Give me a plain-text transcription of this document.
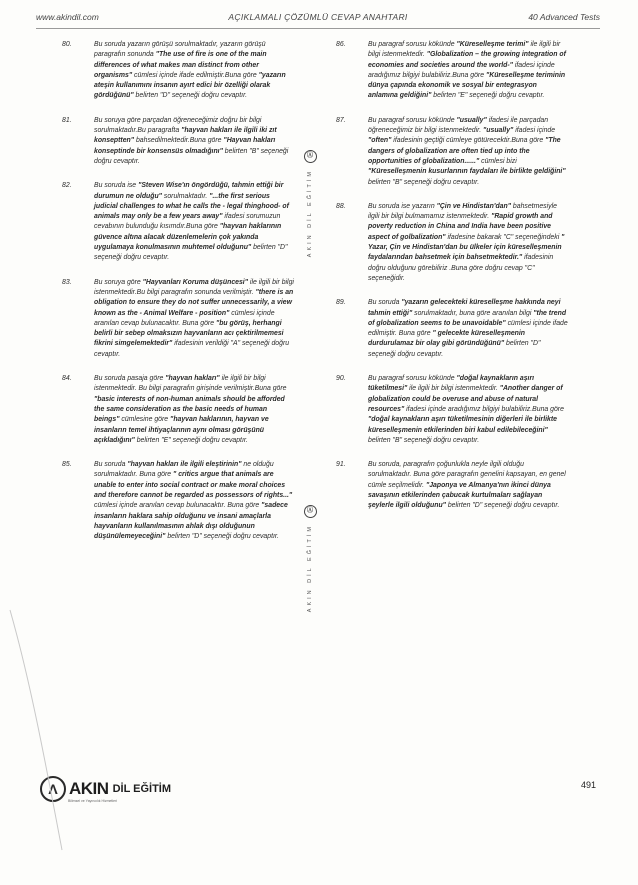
www.akindil.com	AÇIKLAMALI ÇÖZÜMLÜ CEVAP ANAHTARI	40 Advanced Tests
80.	Bu soruda yazarın görüşü sorulmaktadır, yazarın görüşü paragrafın sonunda "The use of fire is one of the main differences of what makes man distinct from other organisms" cümlesi içinde ifade edilmiştir.Buna göre "yazarın ateşin kullanımını insanın ayırt edici bir özelliği olarak gördüğünü" belirten "D" seçeneği doğru cevaptır.
81.	Bu soruya göre parçadan öğreneceğimiz doğru bir bilgi sorulmaktadır.Bu paragrafta "hayvan hakları ile ilgili iki zıt konseptten" bahsedilmektedir.Buna göre "Hayvan hakları konseptinde bir konsensüs olmadığını" belirten "B" seçeneği doğru cevaptır.
82.	Bu soruda ise "Steven Wise'ın öngördüğü, tahmin ettiği bir durumun ne olduğu" sorulmaktadır. "...the first serious judicial challenges to what he calls the - legal thinghood- of animals may only be a few years away" ifadesi sorumuzun cevabının bulunduğu kısımdır.Buna göre "hayvan haklarının güvence altına alacak düzenlemelerin çok yakında uygulamaya konulmasının muhtemel olduğunu" belirten "D" seçeneği doğru cevaptır.
83.	Bu soruya göre "Hayvanları Koruma düşüncesi" ile ilgili bir bilgi istenmektedir.Bu bilgi paragrafın sonunda verilmiştir. "there is an obligation to ensure they do not suffer unnecessarily, a view known as the - Animal Welfare - position" cümlesi içinde aranılan cevap bulunacaktır. Buna göre "bu görüş, herhangi belirli bir sebep olmaksızın hayvanların acı çektirilmemesi fikrini simgelemektedir" ifadesinin verildiği "A" seçeneği doğru cevaptır.
84.	Bu soruda pasaja göre "hayvan hakları" ile ilgili bir bilgi istenmektedir. Bu bilgi paragrafın girişinde verilmiştir.Buna göre "basic interests of non-human animals should be afforded the same consideration as the basic needs of human beings" cümlesine göre "hayvan haklarının, hayvan ve insanların temel ihtiyaçlarının aynı olması görüşünü açıkladığını" belirten "E" seçeneği doğru cevaptır.
85.	Bu soruda "hayvan hakları ile ilgili eleştirinin" ne olduğu sorulmaktadır. Buna göre " critics argue that animals are unable to enter into social contract or make moral choices and therefore cannot be regarded as possessors of rights..." cümlesi içinde aranılan cevap bulunacaktır. Buna göre "sadece insanların haklara sahip olduğunu ve insani amaçlarla hayvanların kullanılmasının ahlak dışı olduğunun düşünülemeyeceğini" belirten "D" seçeneği doğru cevaptır.
86.	Bu paragraf sorusu kökünde "Küreselleşme terimi" ile ilgili bir bilgi istenmektedir. "Globalization – the growing integration of economies and societies around the world-" ifadesi içinde aradığımız bilgiyi bulabiliriz.Buna göre "Küreselleşme teriminin dünya çapında ekonomik ve sosyal bir entegrasyon anlamına geldiğini" belirten "E" seçeneği doğru cevaptır.
87.	Bu paragraf sorusu kökünde "usually" ifadesi ile parçadan öğreneceğimiz bir bilgi istenmektedir. "usually" ifadesi içinde "often" ifadesinin geçtiği cümleye götürecektir.Buna göre "The dangers of globalization are often tied up into the opportunities of globalization......" cümlesi bizi "Küreselleşmenin kusurlarının faydaları ile birlikte geldiğini" belirten "B" seçeneği doğru cevaptır.
88.	Bu soruda ise yazarın "Çin ve Hindistan'dan" bahsetmesiyle ilgili bir bilgi bulmamamız istenmektedir. "Rapid growth and poverty reduction in China and India have been positive aspect of golbalization" ifadesine bakarak "C" seçeneğindeki " Yazar, Çin ve Hindistan'dan bu ülkeler için küreselleşmenin faydalarından bahsetmek için bahsetmektedir." ifadesinin doğru olduğunu görebiliriz .Buna göre doğru cevap "C" seçeneğidir.
89.	Bu soruda "yazarın gelecekteki küreselleşme hakkında neyi tahmin ettiği" sorulmaktadır, buna göre aranılan bilgi "the trend of globalization seems to be unavoidable" cümlesi içinde ifade edilmiştir. Buna göre " gelecekte küreselleşmenin durdurulamaz bir olay gibi göründüğünü" belirten "D" seçeneği doğru cevaptır.
90.	Bu paragraf sorusu kökünde "doğal kaynakların aşırı tüketilmesi" ile ilgili bir bilgi istenmektedir. "Another danger of globalization could be overuse and abuse of natural resources" ifadesi içinde aradığımız bilgiyi bulabiliriz.Buna göre "doğal kaynakların aşırı tüketilmesinin diğerleri ile birlikte küreselleşmenin etkilerinden biri kabul edilebileceğini" belirten "B" seçeneği doğru cevaptır.
91.	Bu soruda, paragrafın çoğunlukla neyle ilgili olduğu sorulmaktadır. Buna göre paragrafın genelini kapsayan, en genel cümle seçilmelidir. "Japonya ve Almanya'nın ikinci dünya savaşının etkilerinden çabucak kurtulmaları sağlayan şeylerle ilgili olduğunu" belirten "D" seçeneği doğru cevaptır.
Ⓐ
AKIN DİL EĞİTİM
Ⓐ
AKIN DİL EĞİTİM
Λ AKIN DİL EĞİTİM
Bilimsel ve Yayıncılık Hizmetleri
491
